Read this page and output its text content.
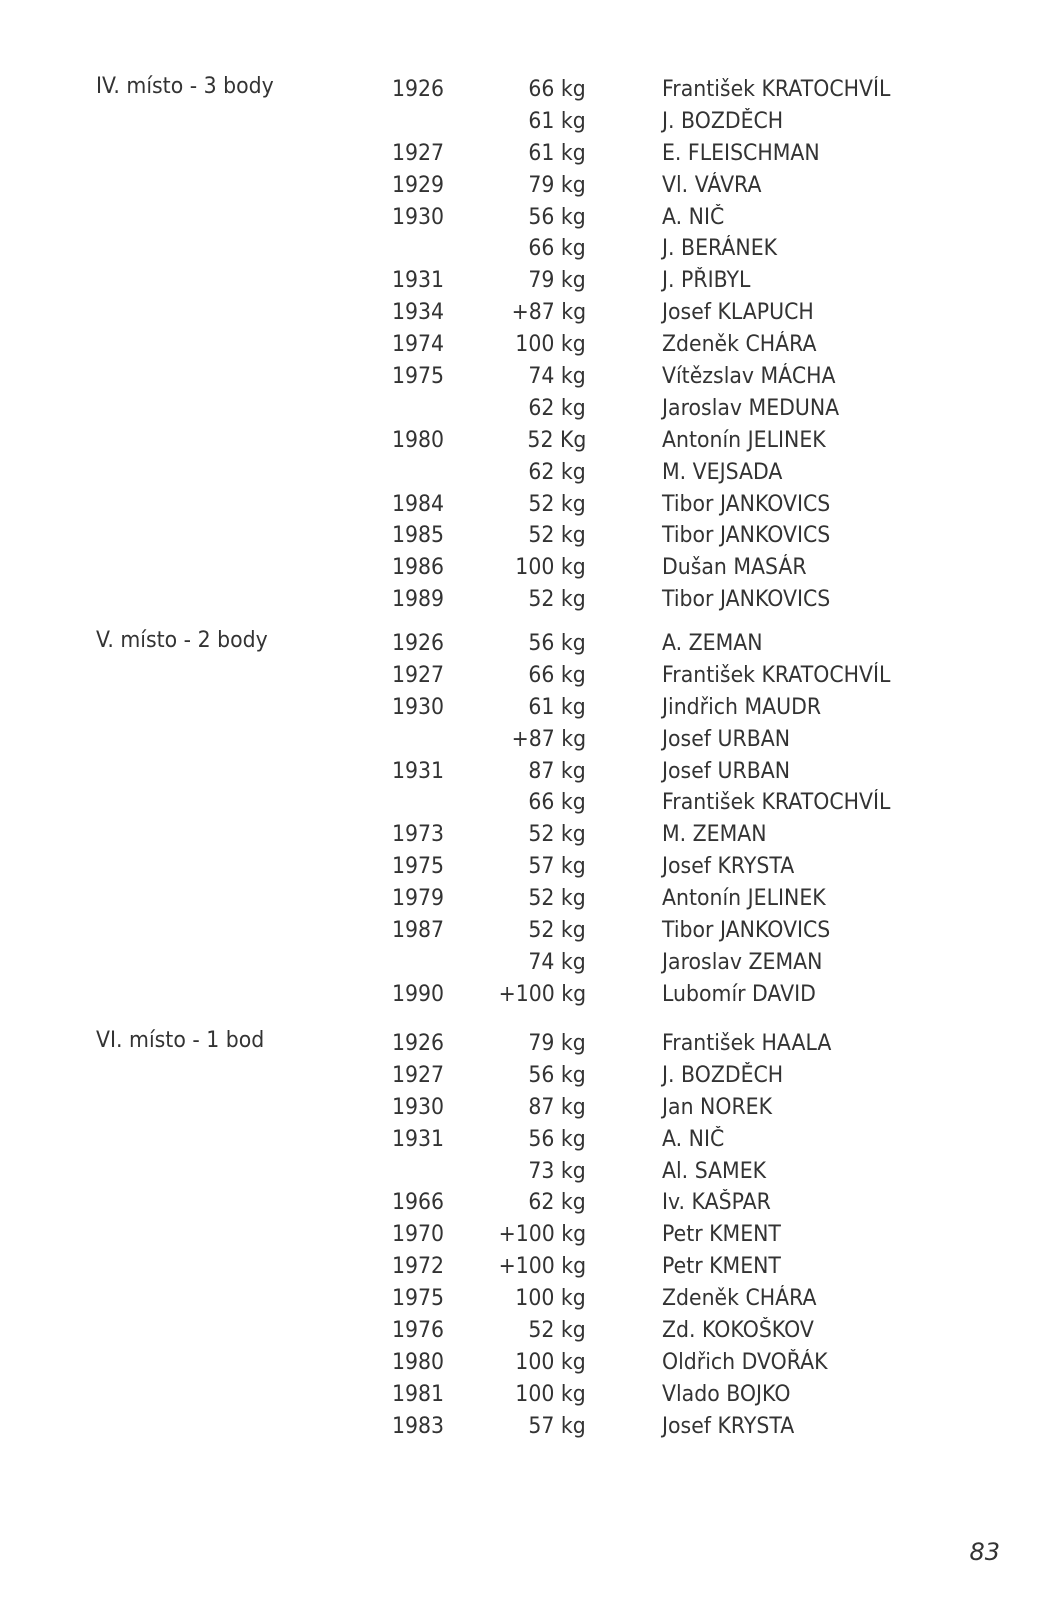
IV. místo - 3 body	1926	66 kg	František KRATOCHVÍL
61 kg	J. BOZDĚCH
1927	61 kg	E. FLEISCHMAN
1929	79 kg	Vl. VÁVRA
1930	56 kg	A. NIČ
66 kg	J. BERÁNEK
1931	79 kg	J. PŘIBYL
1934	+87 kg	Josef KLAPUCH
1974	100 kg	Zdeněk CHÁRA
1975	74 kg	Vítězslav MÁCHA
62 kg	Jaroslav MEDUNA
1980	52 Kg	Antonín JELINEK
62 kg	M. VEJSADA
1984	52 kg	Tibor JANKOVICS
1985	52 kg	Tibor JANKOVICS
1986	100 kg	Dušan MASÁR
1989	52 kg	Tibor JANKOVICS
V. místo - 2 body	1926	56 kg	A. ZEMAN
1927	66 kg	František KRATOCHVÍL
1930	61 kg	Jindřich MAUDR
+87 kg	Josef URBAN
1931	87 kg	Josef URBAN
66 kg	František KRATOCHVÍL
1973	52 kg	M. ZEMAN
1975	57 kg	Josef KRYSTA
1979	52 kg	Antonín JELINEK
1987	52 kg	Tibor JANKOVICS
74 kg	Jaroslav ZEMAN
1990 +100 kg	Lubomír DAVID
VI. místo - 1 bod	1926	79 kg	František HAALA
1927	56 kg	J. BOZDĚCH
1930	87 kg	Jan NOREK
1931	56 kg	A. NIČ
73 kg	Al. SAMEK
1966	62 kg	Iv. KAŠPAR
1970 +100 kg	Petr KMENT
1972 +100 kg	Petr KMENT
1975	100 kg	Zdeněk CHÁRA
1976	52 kg	Zd. KOKOŠKOV
1980	100 kg	Oldřich DVOŘÁK
1981	100 kg	Vlado BOJKO
1983	57 kg	Josef KRYSTA
83
